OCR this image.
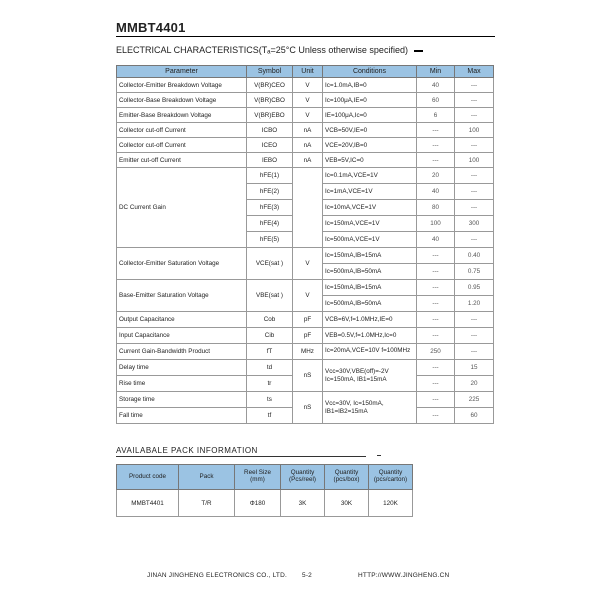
MMBT4401
ELECTRICAL CHARACTERISTICS(Tₐ=25°C Unless otherwise specified)
Parameter	Symbol	Unit	Conditions	Min	Max
Collector-Emitter Breakdown Voltage	V(BR)CEO	V	Ic=1.0mA,IB=0	40	---
Collector-Base Breakdown Voltage	V(BR)CBO	V	Ic=100μA,IE=0	60	---
Emitter-Base Breakdown Voltage	V(BR)EBO	V	IE=100μA,Ic=0	6	---
Collector cut-off Current	ICBO	nA	VCB=50V,IE=0	---	100
Collector cut-off Current	ICEO	nA	VCE=20V,IB=0	---	---
Emitter cut-off Current	IEBO	nA	VEB=5V,IC=0	---	100
DC Current Gain	hFE(1)		Ic=0.1mA,VCE=1V	20	---
	hFE(2)		Ic=1mA,VCE=1V	40	---
	hFE(3)		Ic=10mA,VCE=1V	80	---
	hFE(4)		Ic=150mA,VCE=1V	100	300
	hFE(5)		Ic=500mA,VCE=1V	40	---
Collector-Emitter Saturation Voltage	VCE(sat )	V	Ic=150mA,IB=15mA	---	0.40
			Ic=500mA,IB=50mA	---	0.75
Base-Emitter Saturation Voltage	VBE(sat )	V	Ic=150mA,IB=15mA	---	0.95
			Ic=500mA,IB=50mA	---	1.20
Output Capacitance	Cob	pF	VCB=6V,f=1.0MHz,IE=0	---	---
Input Capacitance	Cib	pF	VEB=0.5V,f=1.0MHz,Ic=0	---	---
Current Gain-Bandwidth Product	fT	MHz	Ic=20mA,VCE=10V f=100MHz	250	---
Delay time	td	nS	Vcc=30V,VBE(off)=-2V Ic=150mA, IB1=15mA	---	15
Rise time	tr			---	20
Storage time	ts	nS	Vcc=30V, Ic=150mA, IB1=IB2=15mA	---	225
Fall time	tf			---	60
AVAILABALE PACK INFORMATION
Product code	Pack	Reel Size (mm)	Quantity (Pcs/reel)	Quantity (pcs/box)	Quantity (pcs/carton)
MMBT4401	T/R	Φ180	3K	30K	120K
JINAN JINGHENG ELECTRONICS CO., LTD. 5-2	HTTP://WWW.JINGHENG.CN
